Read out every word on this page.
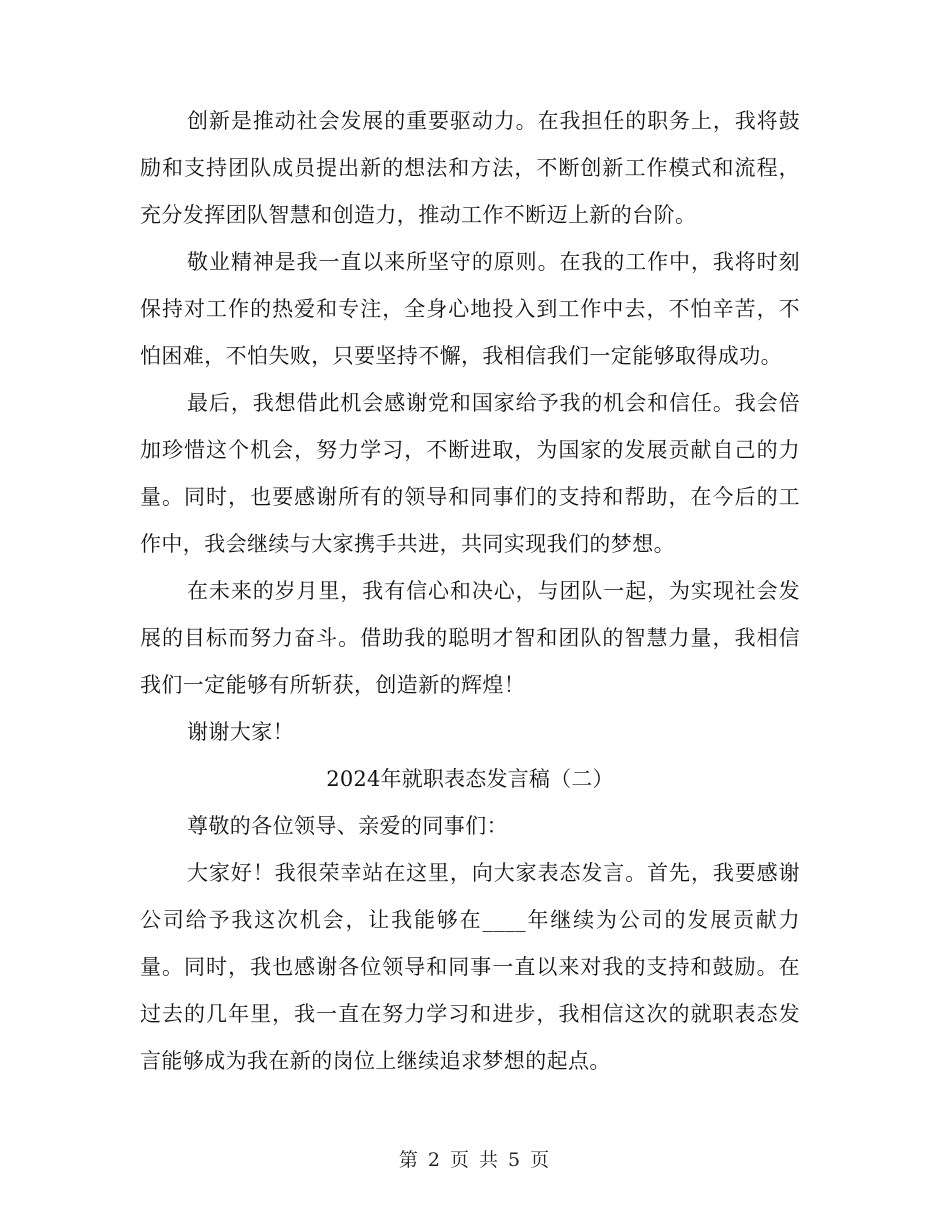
创新是推动社会发展的重要驱动力。在我担任的职务上，我将鼓励和支持团队成员提出新的想法和方法，不断创新工作模式和流程，充分发挥团队智慧和创造力，推动工作不断迈上新的台阶。

敬业精神是我一直以来所坚守的原则。在我的工作中，我将时刻保持对工作的热爱和专注，全身心地投入到工作中去，不怕辛苦，不怕困难，不怕失败，只要坚持不懈，我相信我们一定能够取得成功。

最后，我想借此机会感谢党和国家给予我的机会和信任。我会倍加珍惜这个机会，努力学习，不断进取，为国家的发展贡献自己的力量。同时，也要感谢所有的领导和同事们的支持和帮助，在今后的工作中，我会继续与大家携手共进，共同实现我们的梦想。

在未来的岁月里，我有信心和决心，与团队一起，为实现社会发展的目标而努力奋斗。借助我的聪明才智和团队的智慧力量，我相信我们一定能够有所斩获，创造新的辉煌！

谢谢大家！

2024年就职表态发言稿（二）

尊敬的各位领导、亲爱的同事们：

大家好！我很荣幸站在这里，向大家表态发言。首先，我要感谢公司给予我这次机会，让我能够在____年继续为公司的发展贡献力量。同时，我也感谢各位领导和同事一直以来对我的支持和鼓励。在过去的几年里，我一直在努力学习和进步，我相信这次的就职表态发言能够成为我在新的岗位上继续追求梦想的起点。

第 2 页 共 5 页
